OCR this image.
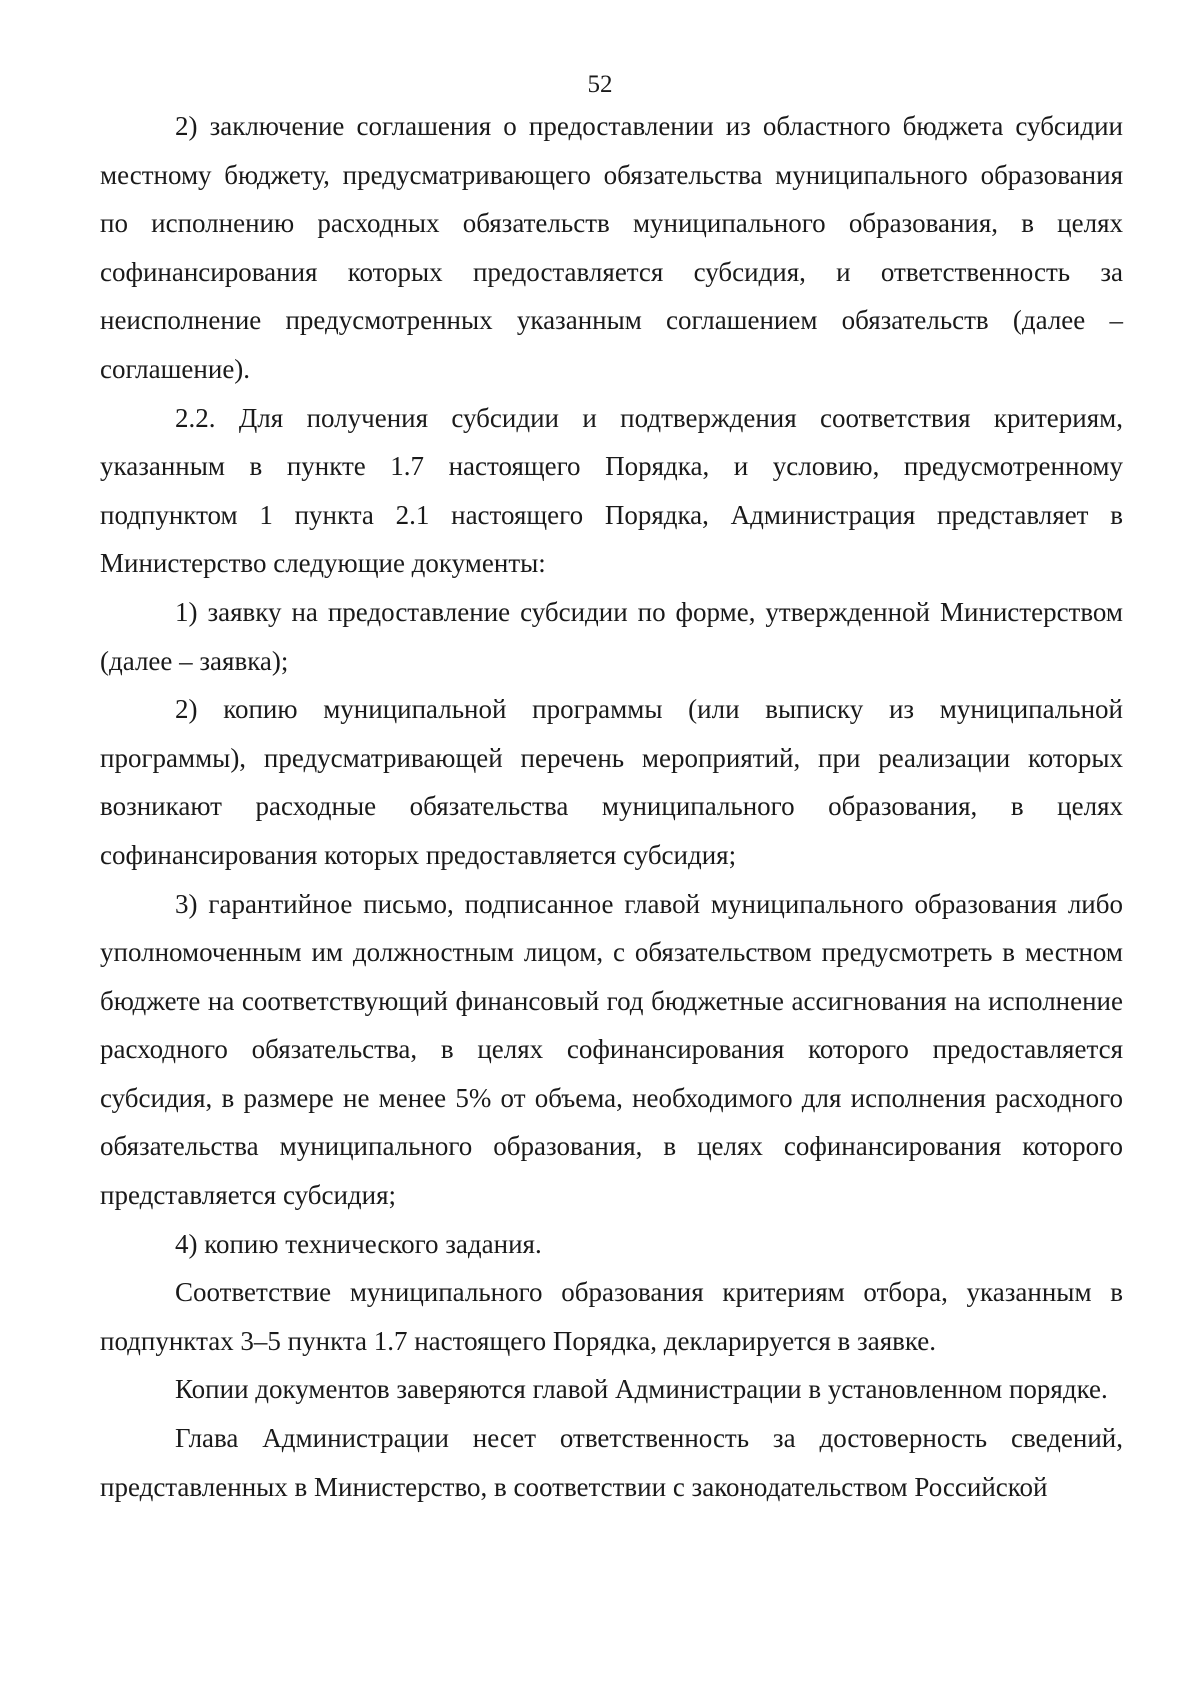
52

2) заключение соглашения о предоставлении из областного бюджета субсидии местному бюджету, предусматривающего обязательства муниципального образования по исполнению расходных обязательств муниципального образования, в целях софинансирования которых предоставляется субсидия, и ответственность за неисполнение предусмотренных указанным соглашением обязательств (далее – соглашение).

2.2. Для получения субсидии и подтверждения соответствия критериям, указанным в пункте 1.7 настоящего Порядка, и условию, предусмотренному подпунктом 1 пункта 2.1 настоящего Порядка, Администрация представляет в Министерство следующие документы:

1) заявку на предоставление субсидии по форме, утвержденной Министерством (далее – заявка);

2) копию муниципальной программы (или выписку из муниципальной программы), предусматривающей перечень мероприятий, при реализации которых возникают расходные обязательства муниципального образования, в целях софинансирования которых предоставляется субсидия;

3) гарантийное письмо, подписанное главой муниципального образования либо уполномоченным им должностным лицом, с обязательством предусмотреть в местном бюджете на соответствующий финансовый год бюджетные ассигнования на исполнение расходного обязательства, в целях софинансирования которого предоставляется субсидия, в размере не менее 5% от объема, необходимого для исполнения расходного обязательства муниципального образования, в целях софинансирования которого представляется субсидия;

4) копию технического задания.

Соответствие муниципального образования критериям отбора, указанным в подпунктах 3–5 пункта 1.7 настоящего Порядка, декларируется в заявке.

Копии документов заверяются главой Администрации в установленном порядке.

Глава Администрации несет ответственность за достоверность сведений, представленных в Министерство, в соответствии с законодательством Российской
